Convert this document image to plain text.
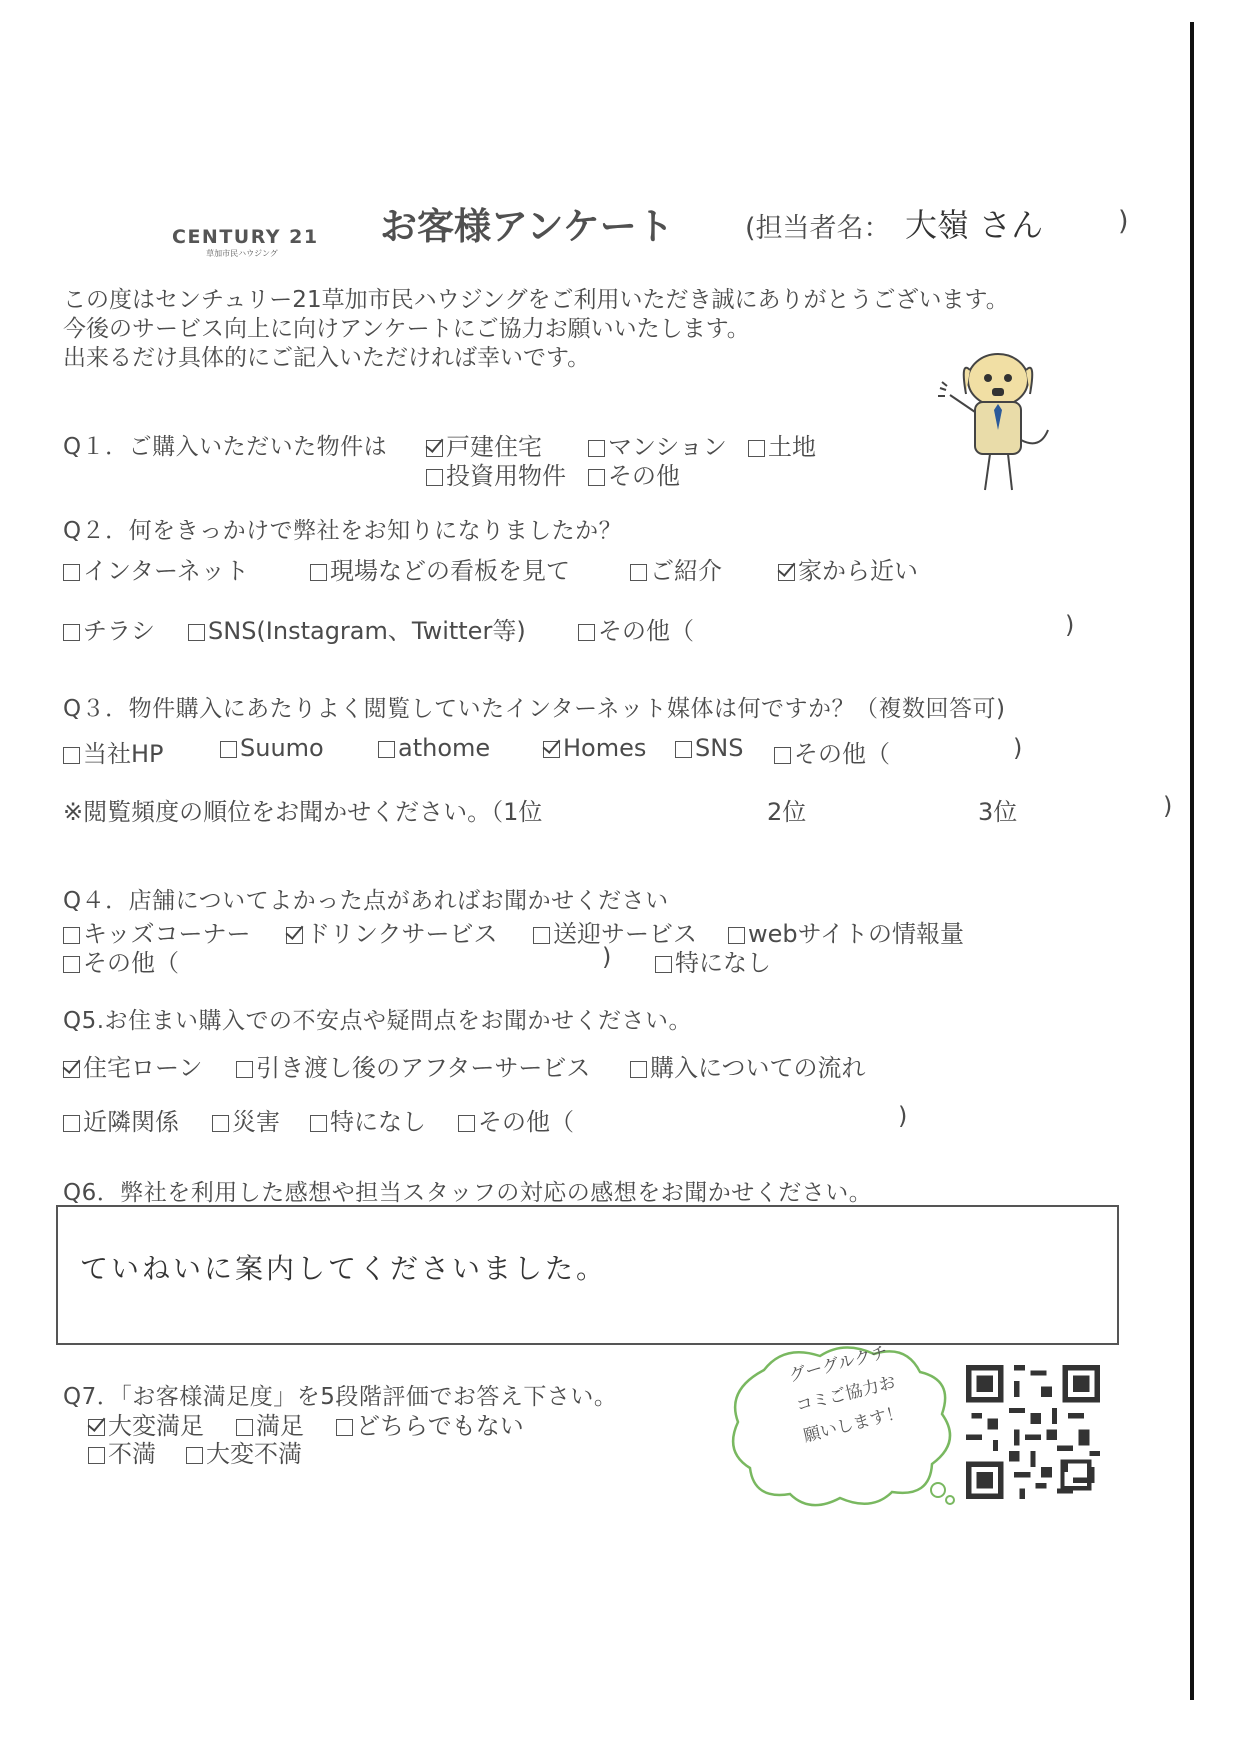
CENTURY 21
草加市民ハウジング
お客様アンケート	(担当者名： 大嶺 さん	)
この度はセンチュリー21草加市民ハウジングをご利用いただき誠にありがとうございます。
今後のサービス向上に向けアンケートにご協力お願いいたします。
出来るだけ具体的にご記入いただければ幸いです。
Q１．ご購入いただいた物件は	戸建住宅	マンション	土地
投資用物件	その他
Q２．何をきっかけで弊社をお知りになりましたか？
インターネット	現場などの看板を見て	ご紹介	家から近い
チラシ	SNS(Instagram、Twitter等)	その他（	)
Q３．物件購入にあたりよく閲覧していたインターネット媒体は何ですか？（複数回答可)
当社HP	Suumo	athome	Homes	SNS	その他（	)
※閲覧頻度の順位をお聞かせください。（1位	2位	3位	)
Q４．店舗についてよかった点があればお聞かせください
キッズコーナー	ドリンクサービス	送迎サービス	webサイトの情報量
その他（	)	特になし
Q5.お住まい購入での不安点や疑問点をお聞かせください。
住宅ローン	引き渡し後のアフターサービス	購入についての流れ
近隣関係	災害	特になし	その他（	)
Q6．弊社を利用した感想や担当スタッフの対応の感想をお聞かせください。
ていねいに案内してくださいました。
Q7．「お客様満足度」を5段階評価でお答え下さい。
大変満足	満足	どちらでもない
不満	大変不満
グーグルクチ
コミご協力お
願いします！
